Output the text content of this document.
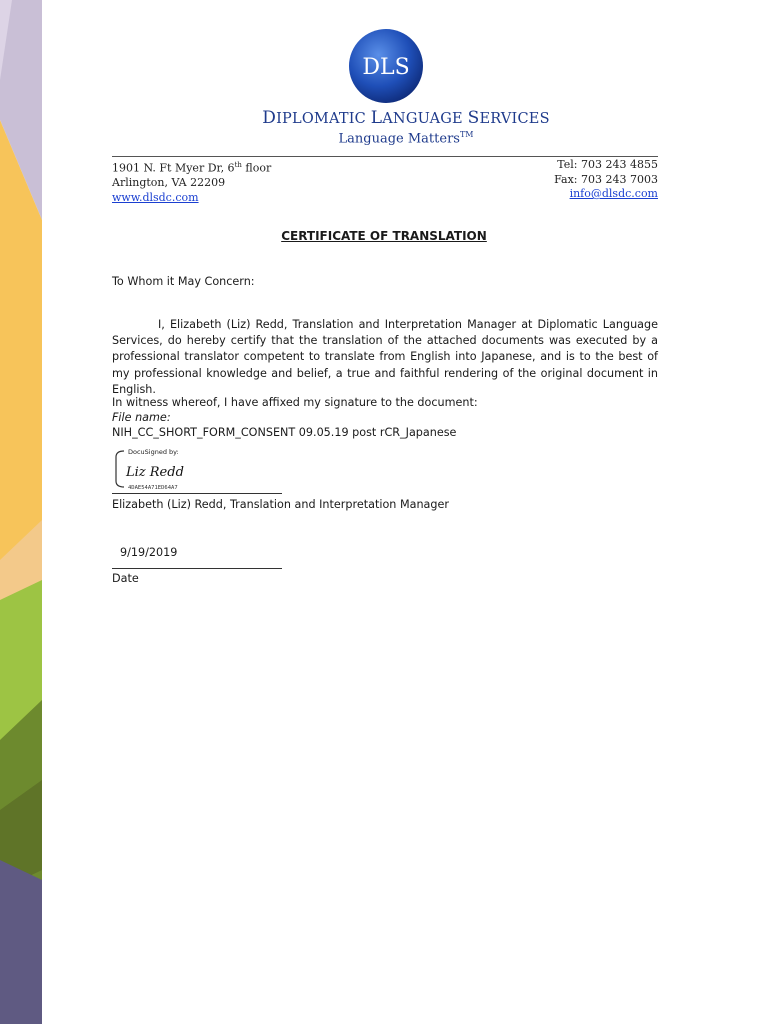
DLS
DIPLOMATIC LANGUAGE SERVICES
Language Matters™
1901 N. Ft Myer Dr, 6th floor
Arlington, VA 22209
www.dlsdc.com
Tel: 703 243 4855
Fax: 703 243 7003
info@dlsdc.com
CERTIFICATE OF TRANSLATION
To Whom it May Concern:
I, Elizabeth (Liz) Redd, Translation and Interpretation Manager at Diplomatic Language Services, do hereby certify that the translation of the attached documents was executed by a professional translator competent to translate from English into Japanese, and is to the best of my professional knowledge and belief, a true and faithful rendering of the original document in English.
In witness whereof, I have affixed my signature to the document:
File name:
NIH_CC_SHORT_FORM_CONSENT 09.05.19 post rCR_Japanese
DocuSigned by:
Liz Redd
4DAE54A71ED64A7
Elizabeth (Liz) Redd, Translation and Interpretation Manager
9/19/2019
Date
